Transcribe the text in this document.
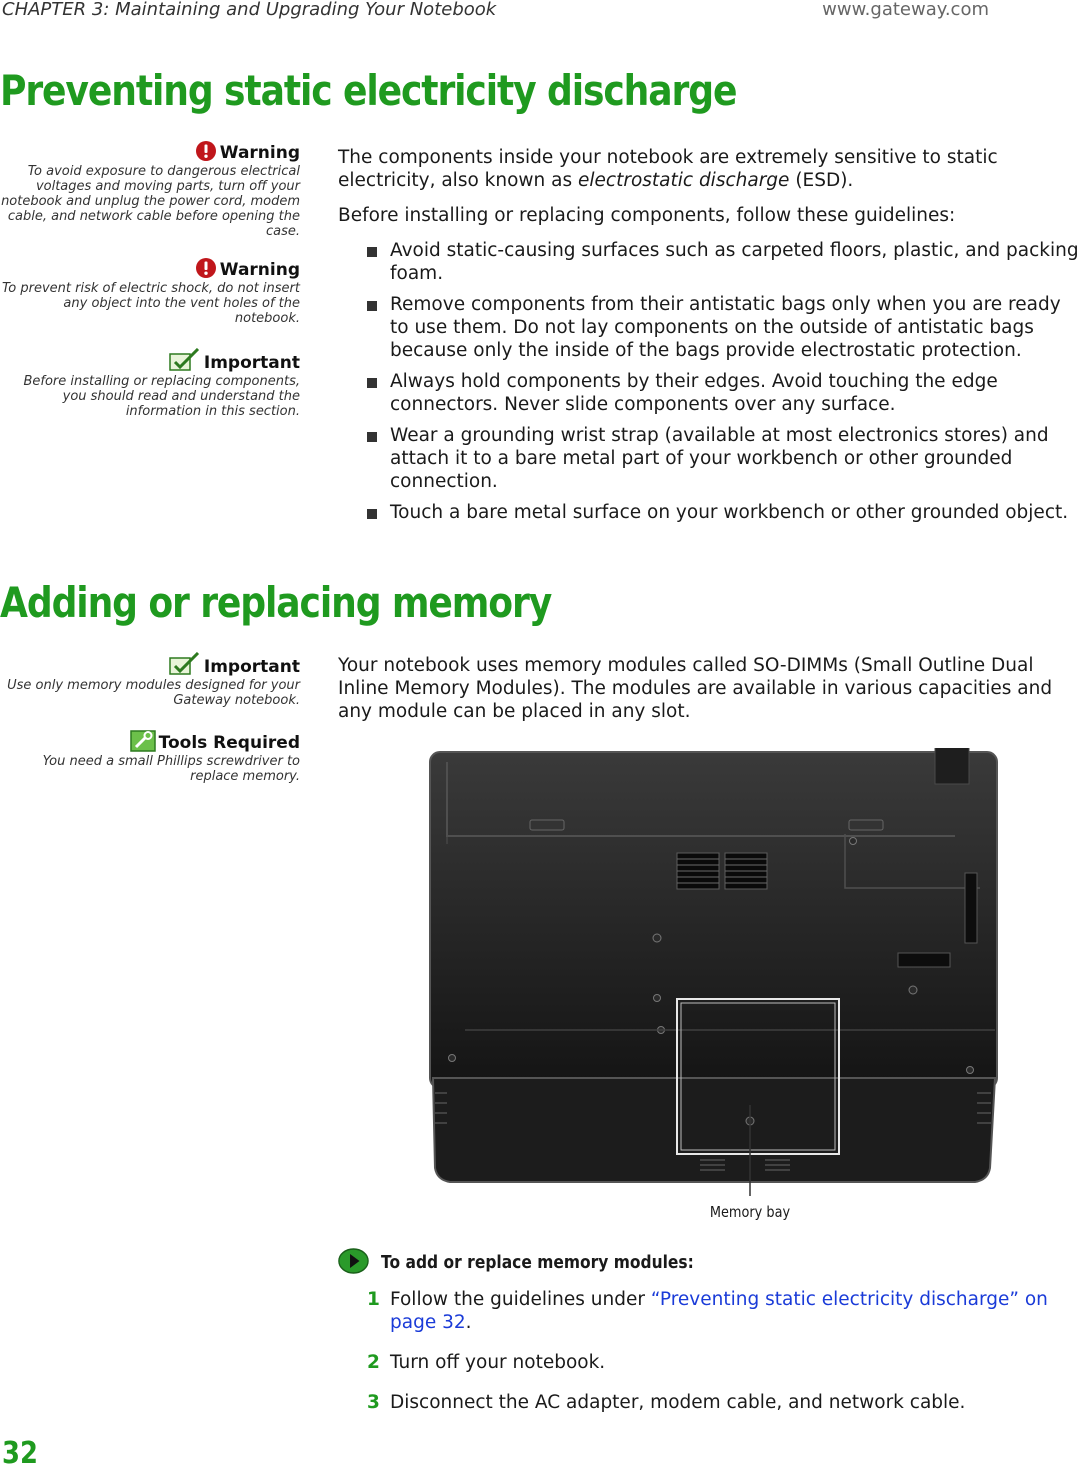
CHAPTER 3: Maintaining and Upgrading Your Notebook	www.gateway.com
Preventing static electricity discharge
Warning
To avoid exposure to dangerous electrical voltages and moving parts, turn off your notebook and unplug the power cord, modem cable, and network cable before opening the case.
Warning
To prevent risk of electric shock, do not insert any object into the vent holes of the notebook.
Important
Before installing or replacing components, you should read and understand the information in this section.

The components inside your notebook are extremely sensitive to static electricity, also known as electrostatic discharge (ESD).

Before installing or replacing components, follow these guidelines:

Avoid static-causing surfaces such as carpeted floors, plastic, and packing foam.
Remove components from their antistatic bags only when you are ready to use them. Do not lay components on the outside of antistatic bags because only the inside of the bags provide electrostatic protection.
Always hold components by their edges. Avoid touching the edge connectors. Never slide components over any surface.
Wear a grounding wrist strap (available at most electronics stores) and attach it to a bare metal part of your workbench or other grounded connection.
Touch a bare metal surface on your workbench or other grounded object.
Adding or replacing memory
Important
Use only memory modules designed for your Gateway notebook.
Tools Required
You need a small Phillips screwdriver to replace memory.

Your notebook uses memory modules called SO-DIMMs (Small Outline Dual Inline Memory Modules). The modules are available in various capacities and any module can be placed in any slot.

Memory bay
To add or replace memory modules:
1 Follow the guidelines under “Preventing static electricity discharge” on page 32.
2 Turn off your notebook.
3 Disconnect the AC adapter, modem cable, and network cable.
32
